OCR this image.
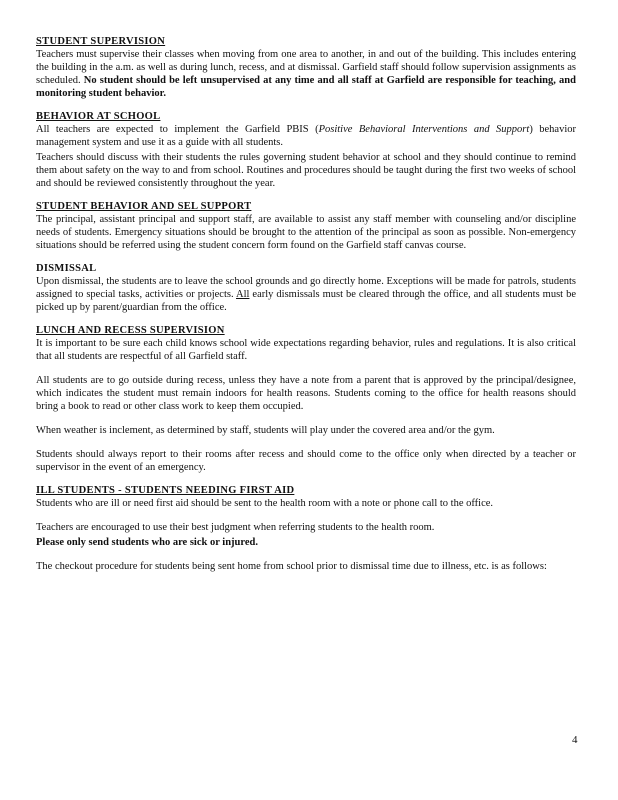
STUDENT SUPERVISION

Teachers must supervise their classes when moving from one area to another, in and out of the building. This includes entering the building in the a.m. as well as during lunch, recess, and at dismissal. Garfield staff should follow supervision assignments as scheduled. No student should be left unsupervised at any time and all staff at Garfield are responsible for teaching, and monitoring student behavior.

BEHAVIOR AT SCHOOL

All teachers are expected to implement the Garfield PBIS (Positive Behavioral Interventions and Support) behavior management system and use it as a guide with all students.

Teachers should discuss with their students the rules governing student behavior at school and they should continue to remind them about safety on the way to and from school. Routines and procedures should be taught during the first two weeks of school and should be reviewed consistently throughout the year.

STUDENT BEHAVIOR AND SEL SUPPORT

The principal, assistant principal and support staff, are available to assist any staff member with counseling and/or discipline needs of students. Emergency situations should be brought to the attention of the principal as soon as possible. Non-emergency situations should be referred using the student concern form found on the Garfield staff canvas course.

DISMISSAL

Upon dismissal, the students are to leave the school grounds and go directly home. Exceptions will be made for patrols, students assigned to special tasks, activities or projects. All early dismissals must be cleared through the office, and all students must be picked up by parent/guardian from the office.

LUNCH AND RECESS SUPERVISION

It is important to be sure each child knows school wide expectations regarding behavior, rules and regulations. It is also critical that all students are respectful of all Garfield staff.

All students are to go outside during recess, unless they have a note from a parent that is approved by the principal/designee, which indicates the student must remain indoors for health reasons. Students coming to the office for health reasons should bring a book to read or other class work to keep them occupied.

When weather is inclement, as determined by staff, students will play under the covered area and/or the gym.

Students should always report to their rooms after recess and should come to the office only when directed by a teacher or supervisor in the event of an emergency.

ILL STUDENTS - STUDENTS NEEDING FIRST AID

Students who are ill or need first aid should be sent to the health room with a note or phone call to the office.

Teachers are encouraged to use their best judgment when referring students to the health room.

Please only send students who are sick or injured.

The checkout procedure for students being sent home from school prior to dismissal time due to illness, etc. is as follows:

4
